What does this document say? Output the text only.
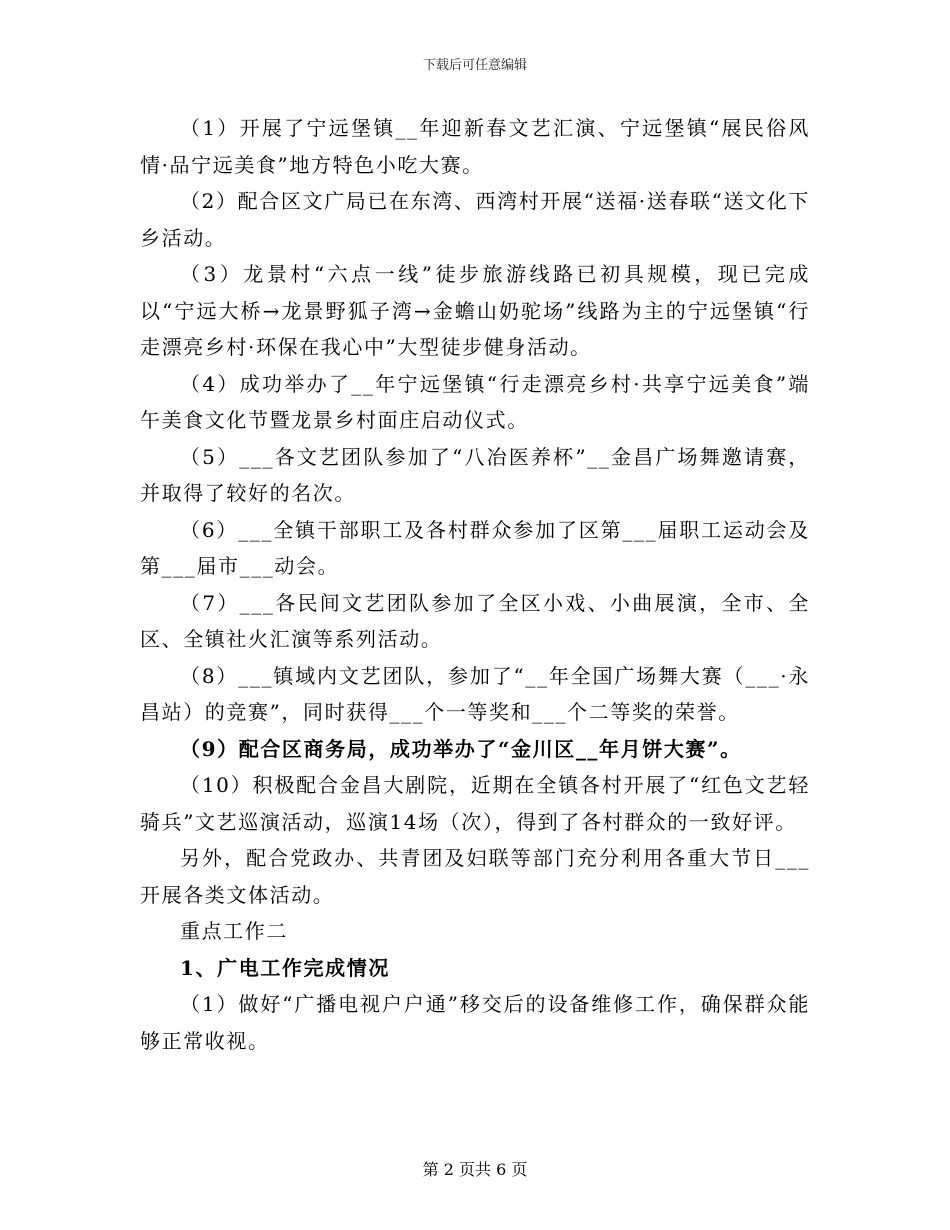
下载后可任意编辑

（1）开展了宁远堡镇__年迎新春文艺汇演、宁远堡镇“展民俗风情·品宁远美食”地方特色小吃大赛。

（2）配合区文广局已在东湾、西湾村开展“送福·送春联“送文化下乡活动。

（3）龙景村“六点一线”徒步旅游线路已初具规模，现已完成以“宁远大桥→龙景野狐子湾→金蟾山奶驼场”线路为主的宁远堡镇“行走漂亮乡村·环保在我心中”大型徒步健身活动。

（4）成功举办了__年宁远堡镇“行走漂亮乡村·共享宁远美食”端午美食文化节暨龙景乡村面庄启动仪式。

（5）___各文艺团队参加了“八冶医养杯”__金昌广场舞邀请赛，并取得了较好的名次。

（6）___全镇干部职工及各村群众参加了区第___届职工运动会及第___届市___动会。

（7）___各民间文艺团队参加了全区小戏、小曲展演，全市、全区、全镇社火汇演等系列活动。

（8）___镇域内文艺团队，参加了“__年全国广场舞大赛（___·永昌站）的竞赛”，同时获得___个一等奖和___个二等奖的荣誉。

（9）配合区商务局，成功举办了“金川区__年月饼大赛”。

（10）积极配合金昌大剧院，近期在全镇各村开展了“红色文艺轻骑兵”文艺巡演活动，巡演14场（次），得到了各村群众的一致好评。

另外，配合党政办、共青团及妇联等部门充分利用各重大节日___开展各类文体活动。

重点工作二

1、广电工作完成情况

（1）做好“广播电视户户通”移交后的设备维修工作，确保群众能够正常收视。

第 2 页共 6 页
